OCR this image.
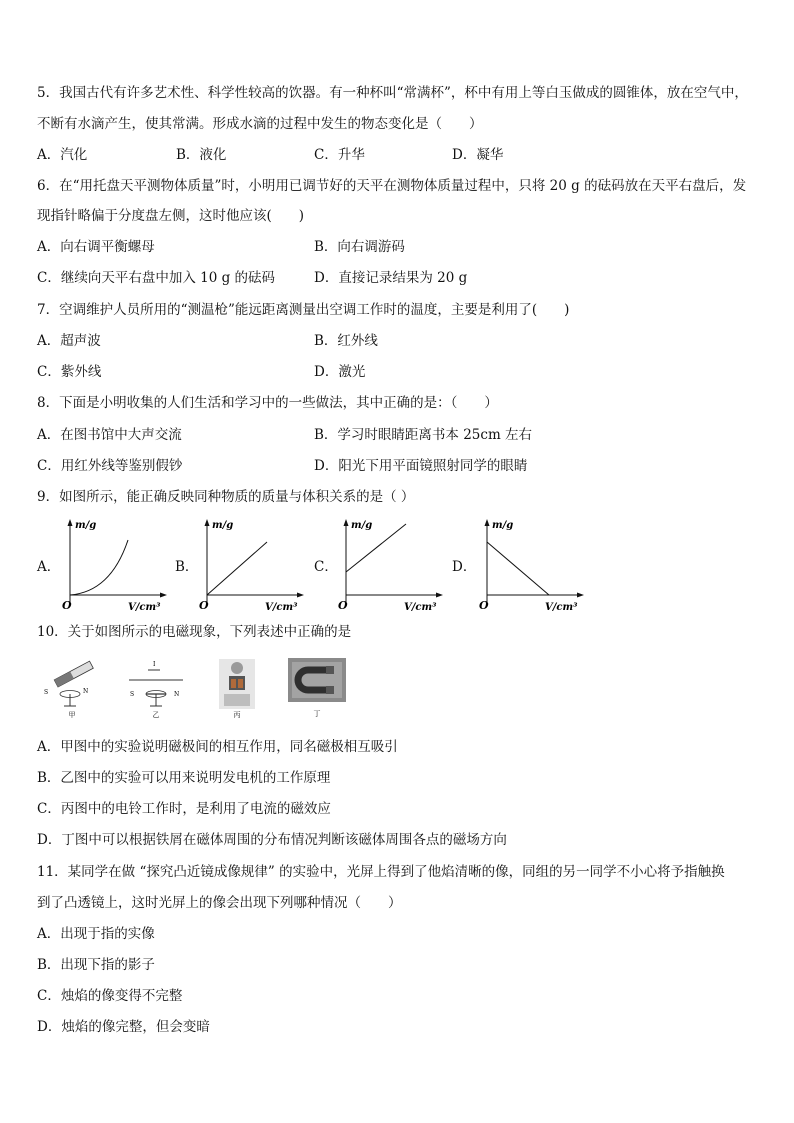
5．我国古代有许多艺术性、科学性较高的饮器。有一种杯叫“常满杯”，杯中有用上等白玉做成的圆锥体，放在空气中，
不断有水滴产生，使其常满。形成水滴的过程中发生的物态变化是（　　）
A．汽化	B．液化	C．升华	D．凝华
6．在“用托盘天平测物体质量”时，小明用已调节好的天平在测物体质量过程中，只将 20 g 的砝码放在天平右盘后，发
现指针略偏于分度盘左侧，这时他应该(　　)
A．向右调平衡螺母	B．向右调游码
C．继续向天平右盘中加入 10 g 的砝码	D．直接记录结果为 20 g
7．空调维护人员所用的“测温枪”能远距离测量出空调工作时的温度，主要是利用了(　　)
A．超声波	B．红外线
C．紫外线	D．激光
8．下面是小明收集的人们生活和学习中的一些做法，其中正确的是：（　　）
A．在图书馆中大声交流	B．学习时眼睛距离书本 25cm 左右
C．用红外线等鉴别假钞	D．阳光下用平面镜照射同学的眼睛
9．如图所示，能正确反映同种物质的质量与体积关系的是（ ）
A．
m/g
O	V/cm³
B．
m/g
O	V/cm³
C．
m/g
O	V/cm³
D．
m/g
O	V/cm³
10．关于如图所示的电磁现象，下列表述中正确的是
S	N
甲
I
S	N
乙	丙	丁
A．甲图中的实验说明磁极间的相互作用，同名磁极相互吸引
B．乙图中的实验可以用来说明发电机的工作原理
C．丙图中的电铃工作时，是利用了电流的磁效应
D．丁图中可以根据铁屑在磁体周围的分布情况判断该磁体周围各点的磁场方向
11．某同学在做 “探究凸近镜成像规律” 的实验中，光屏上得到了他焰清晰的像，同组的另一同学不小心将予指触换
到了凸透镜上，这时光屏上的像会出现下列哪种情况（　　）
A．出现于指的实像
B．出现下指的影子
C．烛焰的像变得不完整
D．烛焰的像完整，但会变暗
